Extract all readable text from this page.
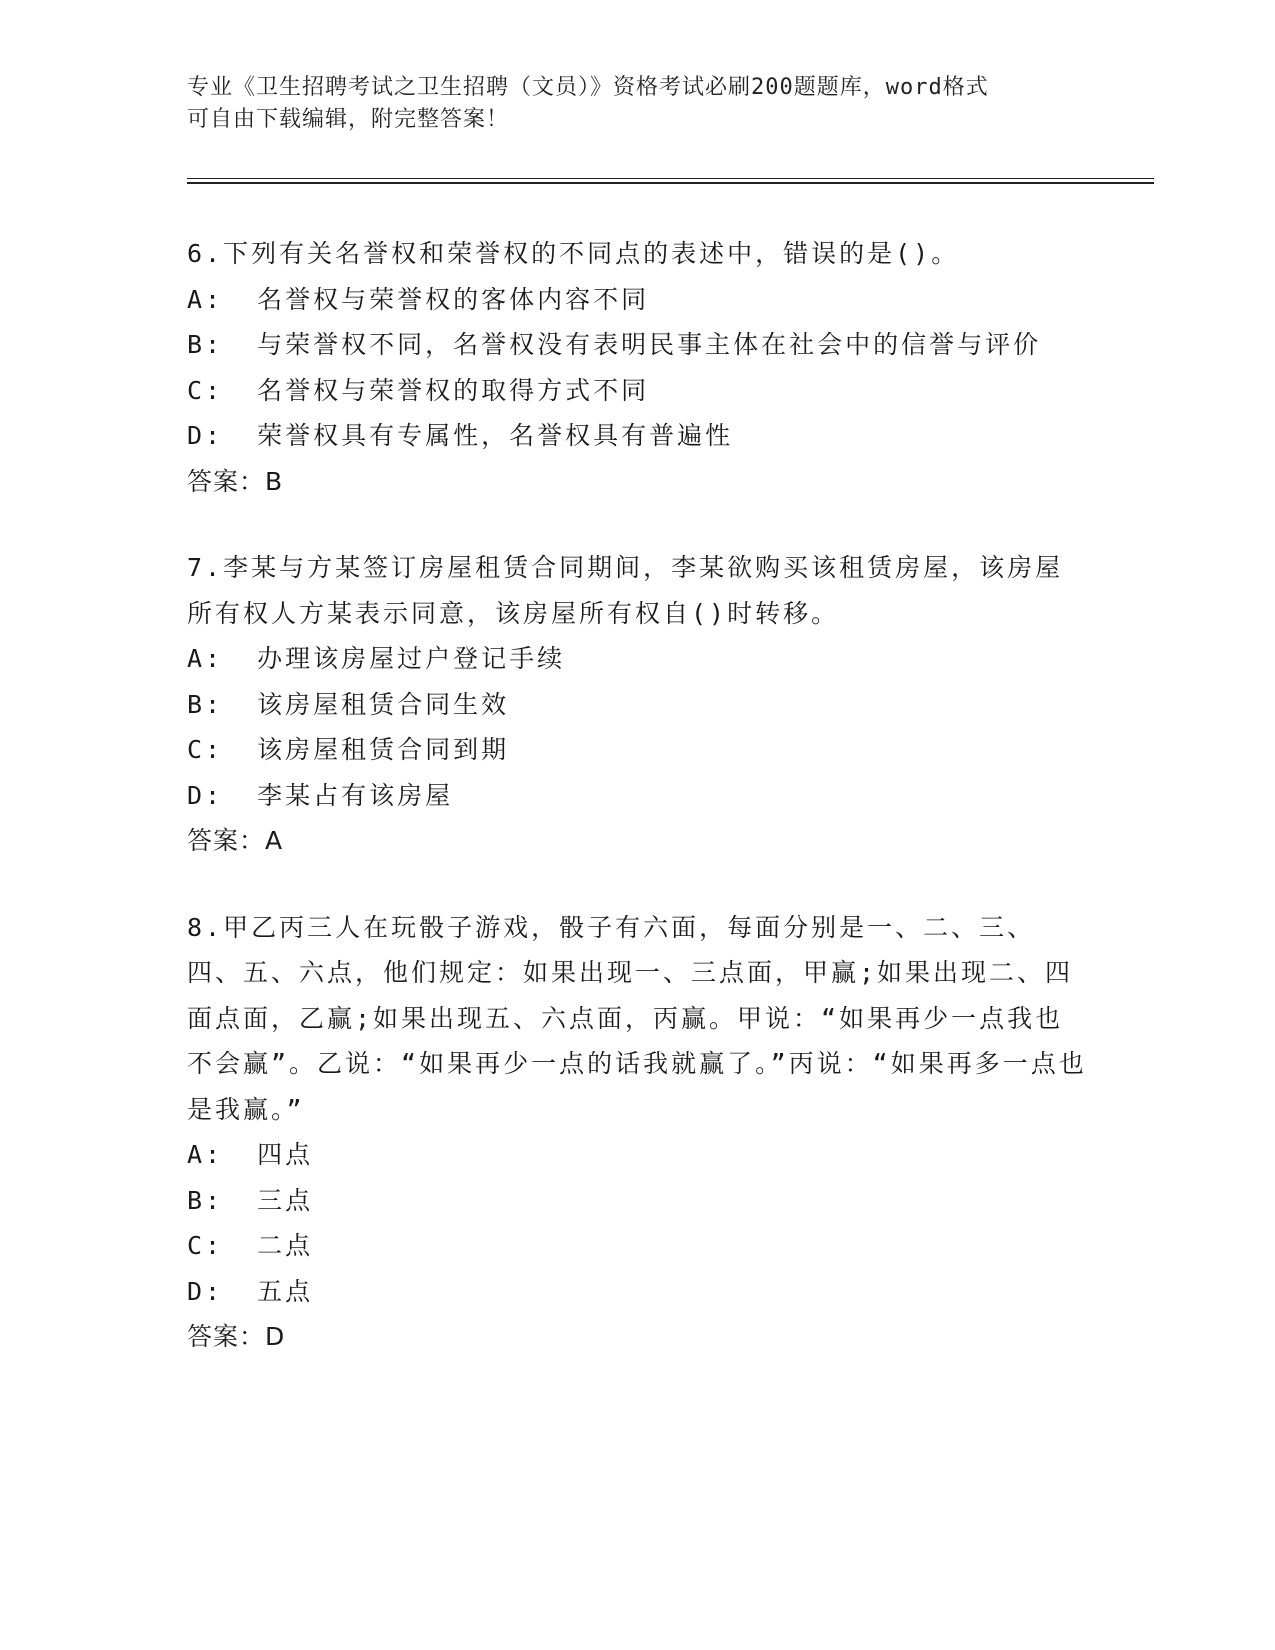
专业《卫生招聘考试之卫生招聘（文员）》资格考试必刷200题题库，word格式
可自由下载编辑，附完整答案！

6.下列有关名誉权和荣誉权的不同点的表述中，错误的是()。

A: 名誉权与荣誉权的客体内容不同

B: 与荣誉权不同，名誉权没有表明民事主体在社会中的信誉与评价

C: 名誉权与荣誉权的取得方式不同

D: 荣誉权具有专属性，名誉权具有普遍性

答案：B

7.李某与方某签订房屋租赁合同期间，李某欲购买该租赁房屋，该房屋所有权人方某表示同意，该房屋所有权自()时转移。

A: 办理该房屋过户登记手续

B: 该房屋租赁合同生效

C: 该房屋租赁合同到期

D: 李某占有该房屋

答案：A

8.甲乙丙三人在玩骰子游戏，骰子有六面，每面分别是一、二、三、四、五、六点，他们规定：如果出现一、三点面，甲赢;如果出现二、四面点面，乙赢;如果出现五、六点面，丙赢。甲说：“如果再少一点我也不会赢”。乙说：“如果再少一点的话我就赢了。”丙说：“如果再多一点也是我赢。”

A: 四点

B: 三点

C: 二点

D: 五点

答案：D
